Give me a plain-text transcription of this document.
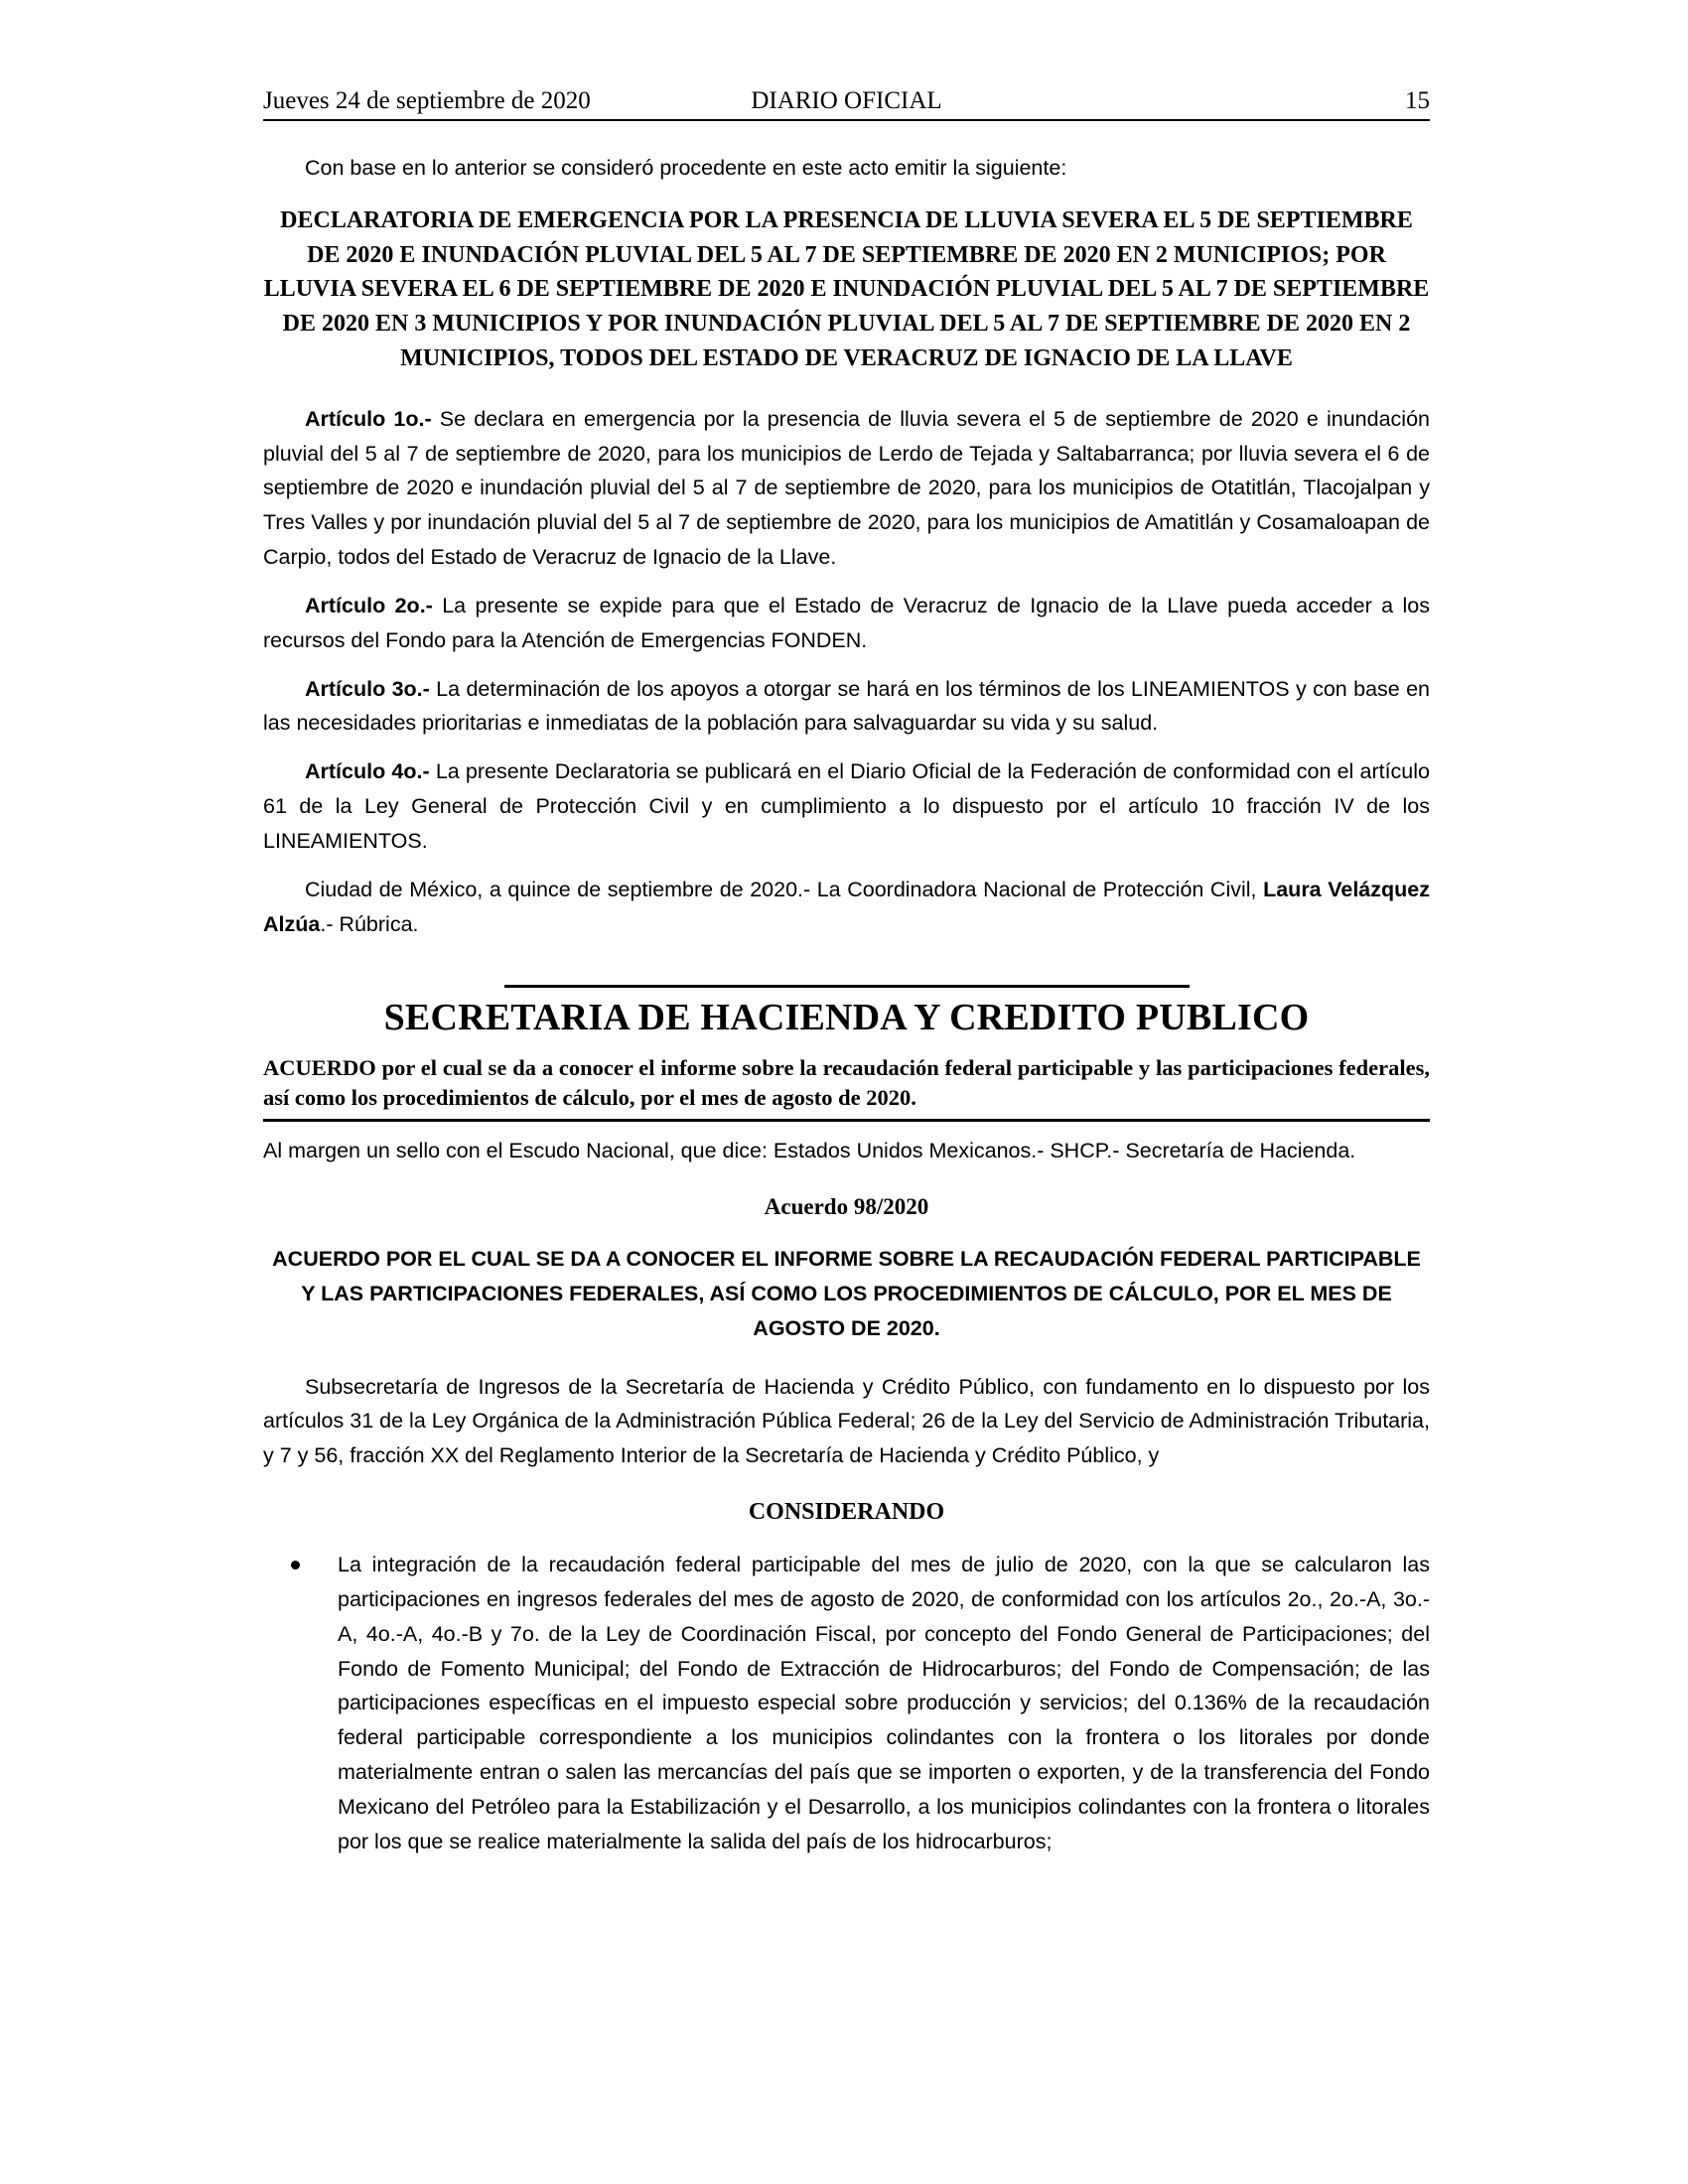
Jueves 24 de septiembre de 2020	DIARIO OFICIAL	15

Con base en lo anterior se consideró procedente en este acto emitir la siguiente:

DECLARATORIA DE EMERGENCIA POR LA PRESENCIA DE LLUVIA SEVERA EL 5 DE SEPTIEMBRE DE 2020 E INUNDACIÓN PLUVIAL DEL 5 AL 7 DE SEPTIEMBRE DE 2020 EN 2 MUNICIPIOS; POR LLUVIA SEVERA EL 6 DE SEPTIEMBRE DE 2020 E INUNDACIÓN PLUVIAL DEL 5 AL 7 DE SEPTIEMBRE DE 2020 EN 3 MUNICIPIOS Y POR INUNDACIÓN PLUVIAL DEL 5 AL 7 DE SEPTIEMBRE DE 2020 EN 2 MUNICIPIOS, TODOS DEL ESTADO DE VERACRUZ DE IGNACIO DE LA LLAVE

Artículo 1o.- Se declara en emergencia por la presencia de lluvia severa el 5 de septiembre de 2020 e inundación pluvial del 5 al 7 de septiembre de 2020, para los municipios de Lerdo de Tejada y Saltabarranca; por lluvia severa el 6 de septiembre de 2020 e inundación pluvial del 5 al 7 de septiembre de 2020, para los municipios de Otatitlán, Tlacojalpan y Tres Valles y por inundación pluvial del 5 al 7 de septiembre de 2020, para los municipios de Amatitlán y Cosamaloapan de Carpio, todos del Estado de Veracruz de Ignacio de la Llave.

Artículo 2o.- La presente se expide para que el Estado de Veracruz de Ignacio de la Llave pueda acceder a los recursos del Fondo para la Atención de Emergencias FONDEN.

Artículo 3o.- La determinación de los apoyos a otorgar se hará en los términos de los LINEAMIENTOS y con base en las necesidades prioritarias e inmediatas de la población para salvaguardar su vida y su salud.

Artículo 4o.- La presente Declaratoria se publicará en el Diario Oficial de la Federación de conformidad con el artículo 61 de la Ley General de Protección Civil y en cumplimiento a lo dispuesto por el artículo 10 fracción IV de los LINEAMIENTOS.

Ciudad de México, a quince de septiembre de 2020.- La Coordinadora Nacional de Protección Civil, Laura Velázquez Alzúa.- Rúbrica.

SECRETARIA DE HACIENDA Y CREDITO PUBLICO
ACUERDO por el cual se da a conocer el informe sobre la recaudación federal participable y las participaciones federales, así como los procedimientos de cálculo, por el mes de agosto de 2020.

Al margen un sello con el Escudo Nacional, que dice: Estados Unidos Mexicanos.- SHCP.- Secretaría de Hacienda.

Acuerdo 98/2020
ACUERDO POR EL CUAL SE DA A CONOCER EL INFORME SOBRE LA RECAUDACIÓN FEDERAL PARTICIPABLE Y LAS PARTICIPACIONES FEDERALES, ASÍ COMO LOS PROCEDIMIENTOS DE CÁLCULO, POR EL MES DE AGOSTO DE 2020.

Subsecretaría de Ingresos de la Secretaría de Hacienda y Crédito Público, con fundamento en lo dispuesto por los artículos 31 de la Ley Orgánica de la Administración Pública Federal; 26 de la Ley del Servicio de Administración Tributaria, y 7 y 56, fracción XX del Reglamento Interior de la Secretaría de Hacienda y Crédito Público, y

CONSIDERANDO
La integración de la recaudación federal participable del mes de julio de 2020, con la que se calcularon las participaciones en ingresos federales del mes de agosto de 2020, de conformidad con los artículos 2o., 2o.-A, 3o.-A, 4o.-A, 4o.-B y 7o. de la Ley de Coordinación Fiscal, por concepto del Fondo General de Participaciones; del Fondo de Fomento Municipal; del Fondo de Extracción de Hidrocarburos; del Fondo de Compensación; de las participaciones específicas en el impuesto especial sobre producción y servicios; del 0.136% de la recaudación federal participable correspondiente a los municipios colindantes con la frontera o los litorales por donde materialmente entran o salen las mercancías del país que se importen o exporten, y de la transferencia del Fondo Mexicano del Petróleo para la Estabilización y el Desarrollo, a los municipios colindantes con la frontera o litorales por los que se realice materialmente la salida del país de los hidrocarburos;
